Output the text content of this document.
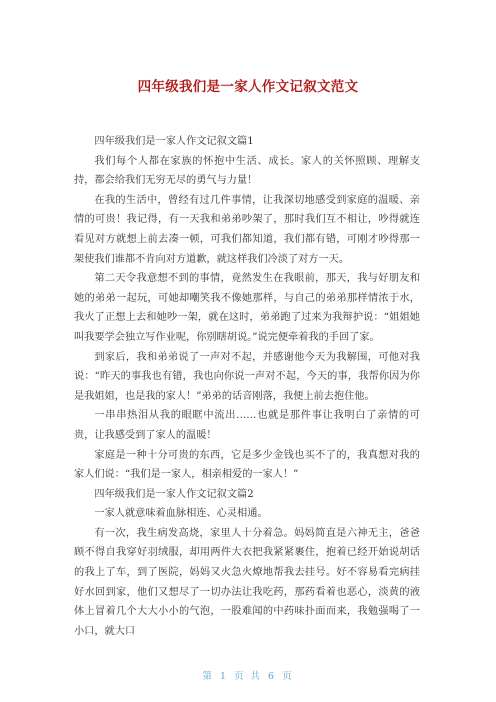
四年级我们是一家人作文记叙文范文

四年级我们是一家人作文记叙文篇1

我们每个人都在家族的怀抱中生活、成长。家人的关怀照顾、理解支持，都会给我们无穷无尽的勇气与力量！

在我的生活中，曾经有过几件事情，让我深切地感受到家庭的温暖、亲情的可贵！我记得，有一天我和弟弟吵架了，那时我们互不相让，吵得就连看见对方就想上前去凑一顿，可我们都知道，我们都有错，可刚才吵得那一架使我们谁都不肯向对方道歉，就这样我们冷淡了对方一天。

第二天令我意想不到的事情，竟然发生在我眼前，那天，我与好朋友和她的弟弟一起玩，可她却嘲笑我不像她那样，与自己的弟弟那样情浓于水，我火了正想上去和她吵一架，就在这时，弟弟跑了过来为我辩护说：“姐姐她叫我要学会独立写作业呢，你别瞎胡说。”说完便牵着我的手回了家。

到家后，我和弟弟说了一声对不起，并感谢他今天为我解围，可他对我说：“昨天的事我也有错，我也向你说一声对不起，今天的事，我帮你因为你是我姐姐，也是我的家人！”弟弟的话音刚落，我便上前去抱住他。

一串串热泪从我的眼眶中流出……也就是那件事让我明白了亲情的可贵，让我感受到了家人的温暖！

家庭是一种十分可贵的东西，它是多少金钱也买不了的，我真想对我的家人们说：“我们是一家人，相亲相爱的一家人！”

四年级我们是一家人作文记叙文篇2

一家人就意味着血脉相连、心灵相通。

有一次，我生病发高烧，家里人十分着急。妈妈简直是六神无主，爸爸顾不得自我穿好羽绒服，却用两件大衣把我紧紧裹住，抱着已经开始说胡话的我上了车，到了医院，妈妈又火急火燎地帮我去挂号。好不容易看完病挂好水回到家，他们又想尽了一切办法让我吃药，那药看着也恶心，淡黄的液体上冒着几个大大小小的气泡，一股难闻的中药味扑面而来，我勉强喝了一小口，就大口

第 1 页 共 6 页
